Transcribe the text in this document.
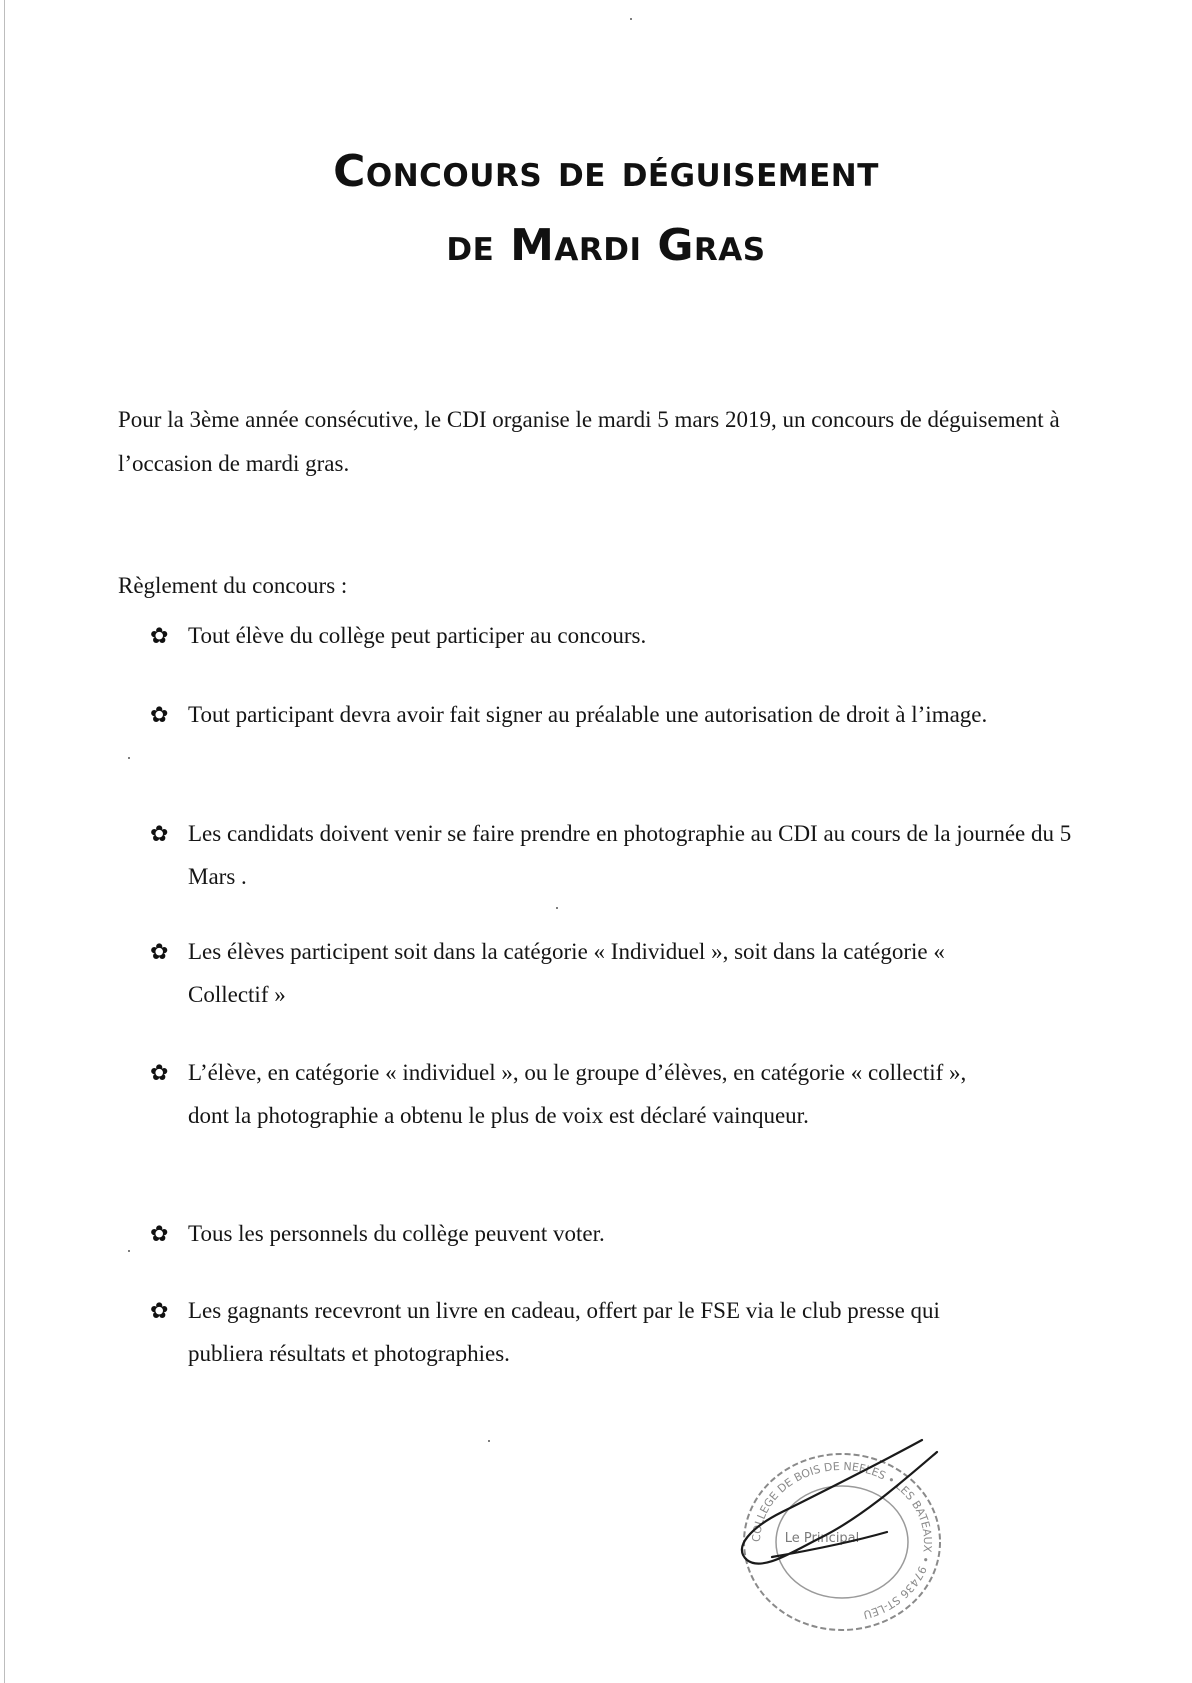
Concours de déguisement
de Mardi Gras
Pour la 3ème année consécutive, le CDI organise le mardi 5 mars 2019, un concours de déguisement à l’occasion de mardi gras.
Règlement du concours :
✿ Tout élève du collège peut participer au concours.
✿ Tout participant devra avoir fait signer au préalable une autorisation de droit à l’image.
✿ Les candidats doivent venir se faire prendre en photographie au CDI au cours de la journée du 5 Mars .
✿ Les élèves participent soit dans la catégorie « Individuel », soit dans la catégorie « Collectif »
✿ L’élève, en catégorie « individuel », ou le groupe d’élèves, en catégorie « collectif », dont la photographie a obtenu le plus de voix est déclaré vainqueur.
✿ Tous les personnels du collège peuvent voter.
✿ Les gagnants recevront un livre en cadeau, offert par le FSE via le club presse qui publiera résultats et photographies.
COLLEGE DE BOIS DE NEFLES • LES BATEAUX • 97436 ST-LEU
Le Principal
